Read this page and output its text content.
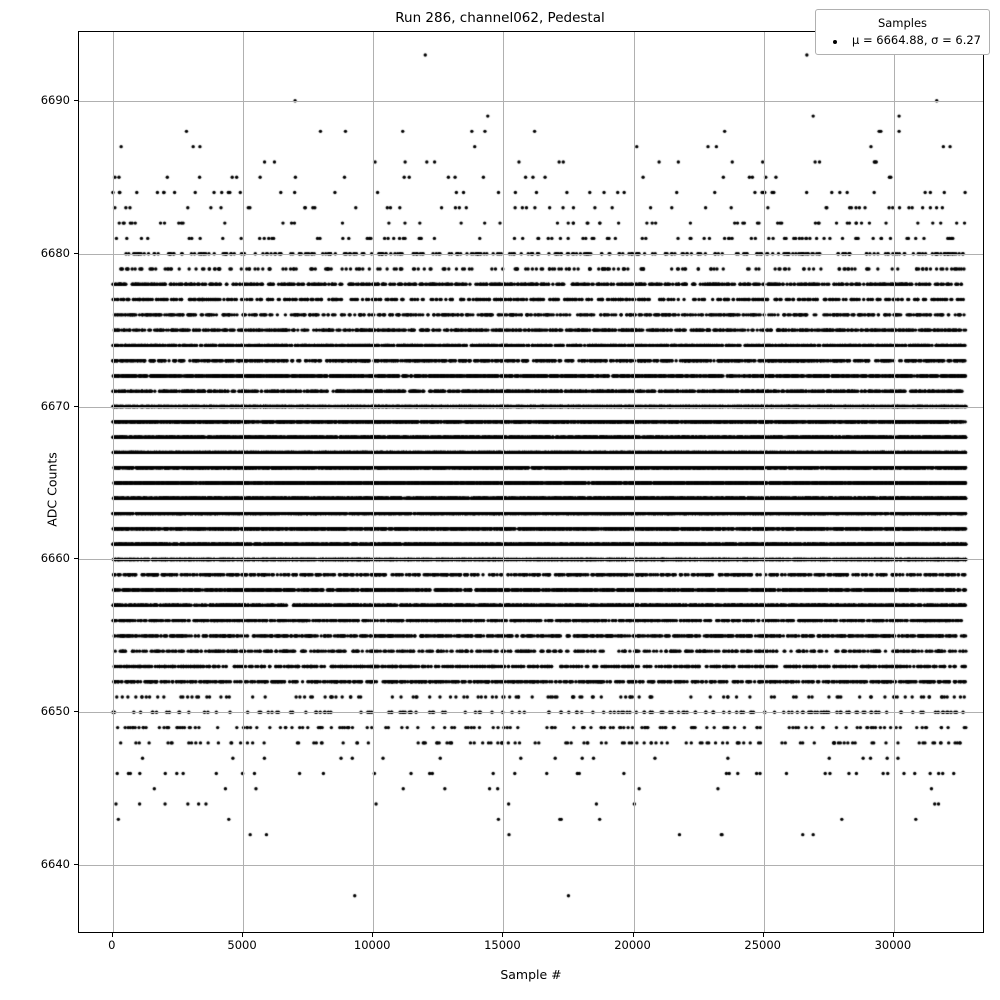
Run 286, channel062, Pedestal
0	5000	10000	15000	20000	25000	30000
6640
6650
6660
6670
6680
6690
Sample #
ADC Counts
Samples
μ = 6664.88, σ = 6.27
